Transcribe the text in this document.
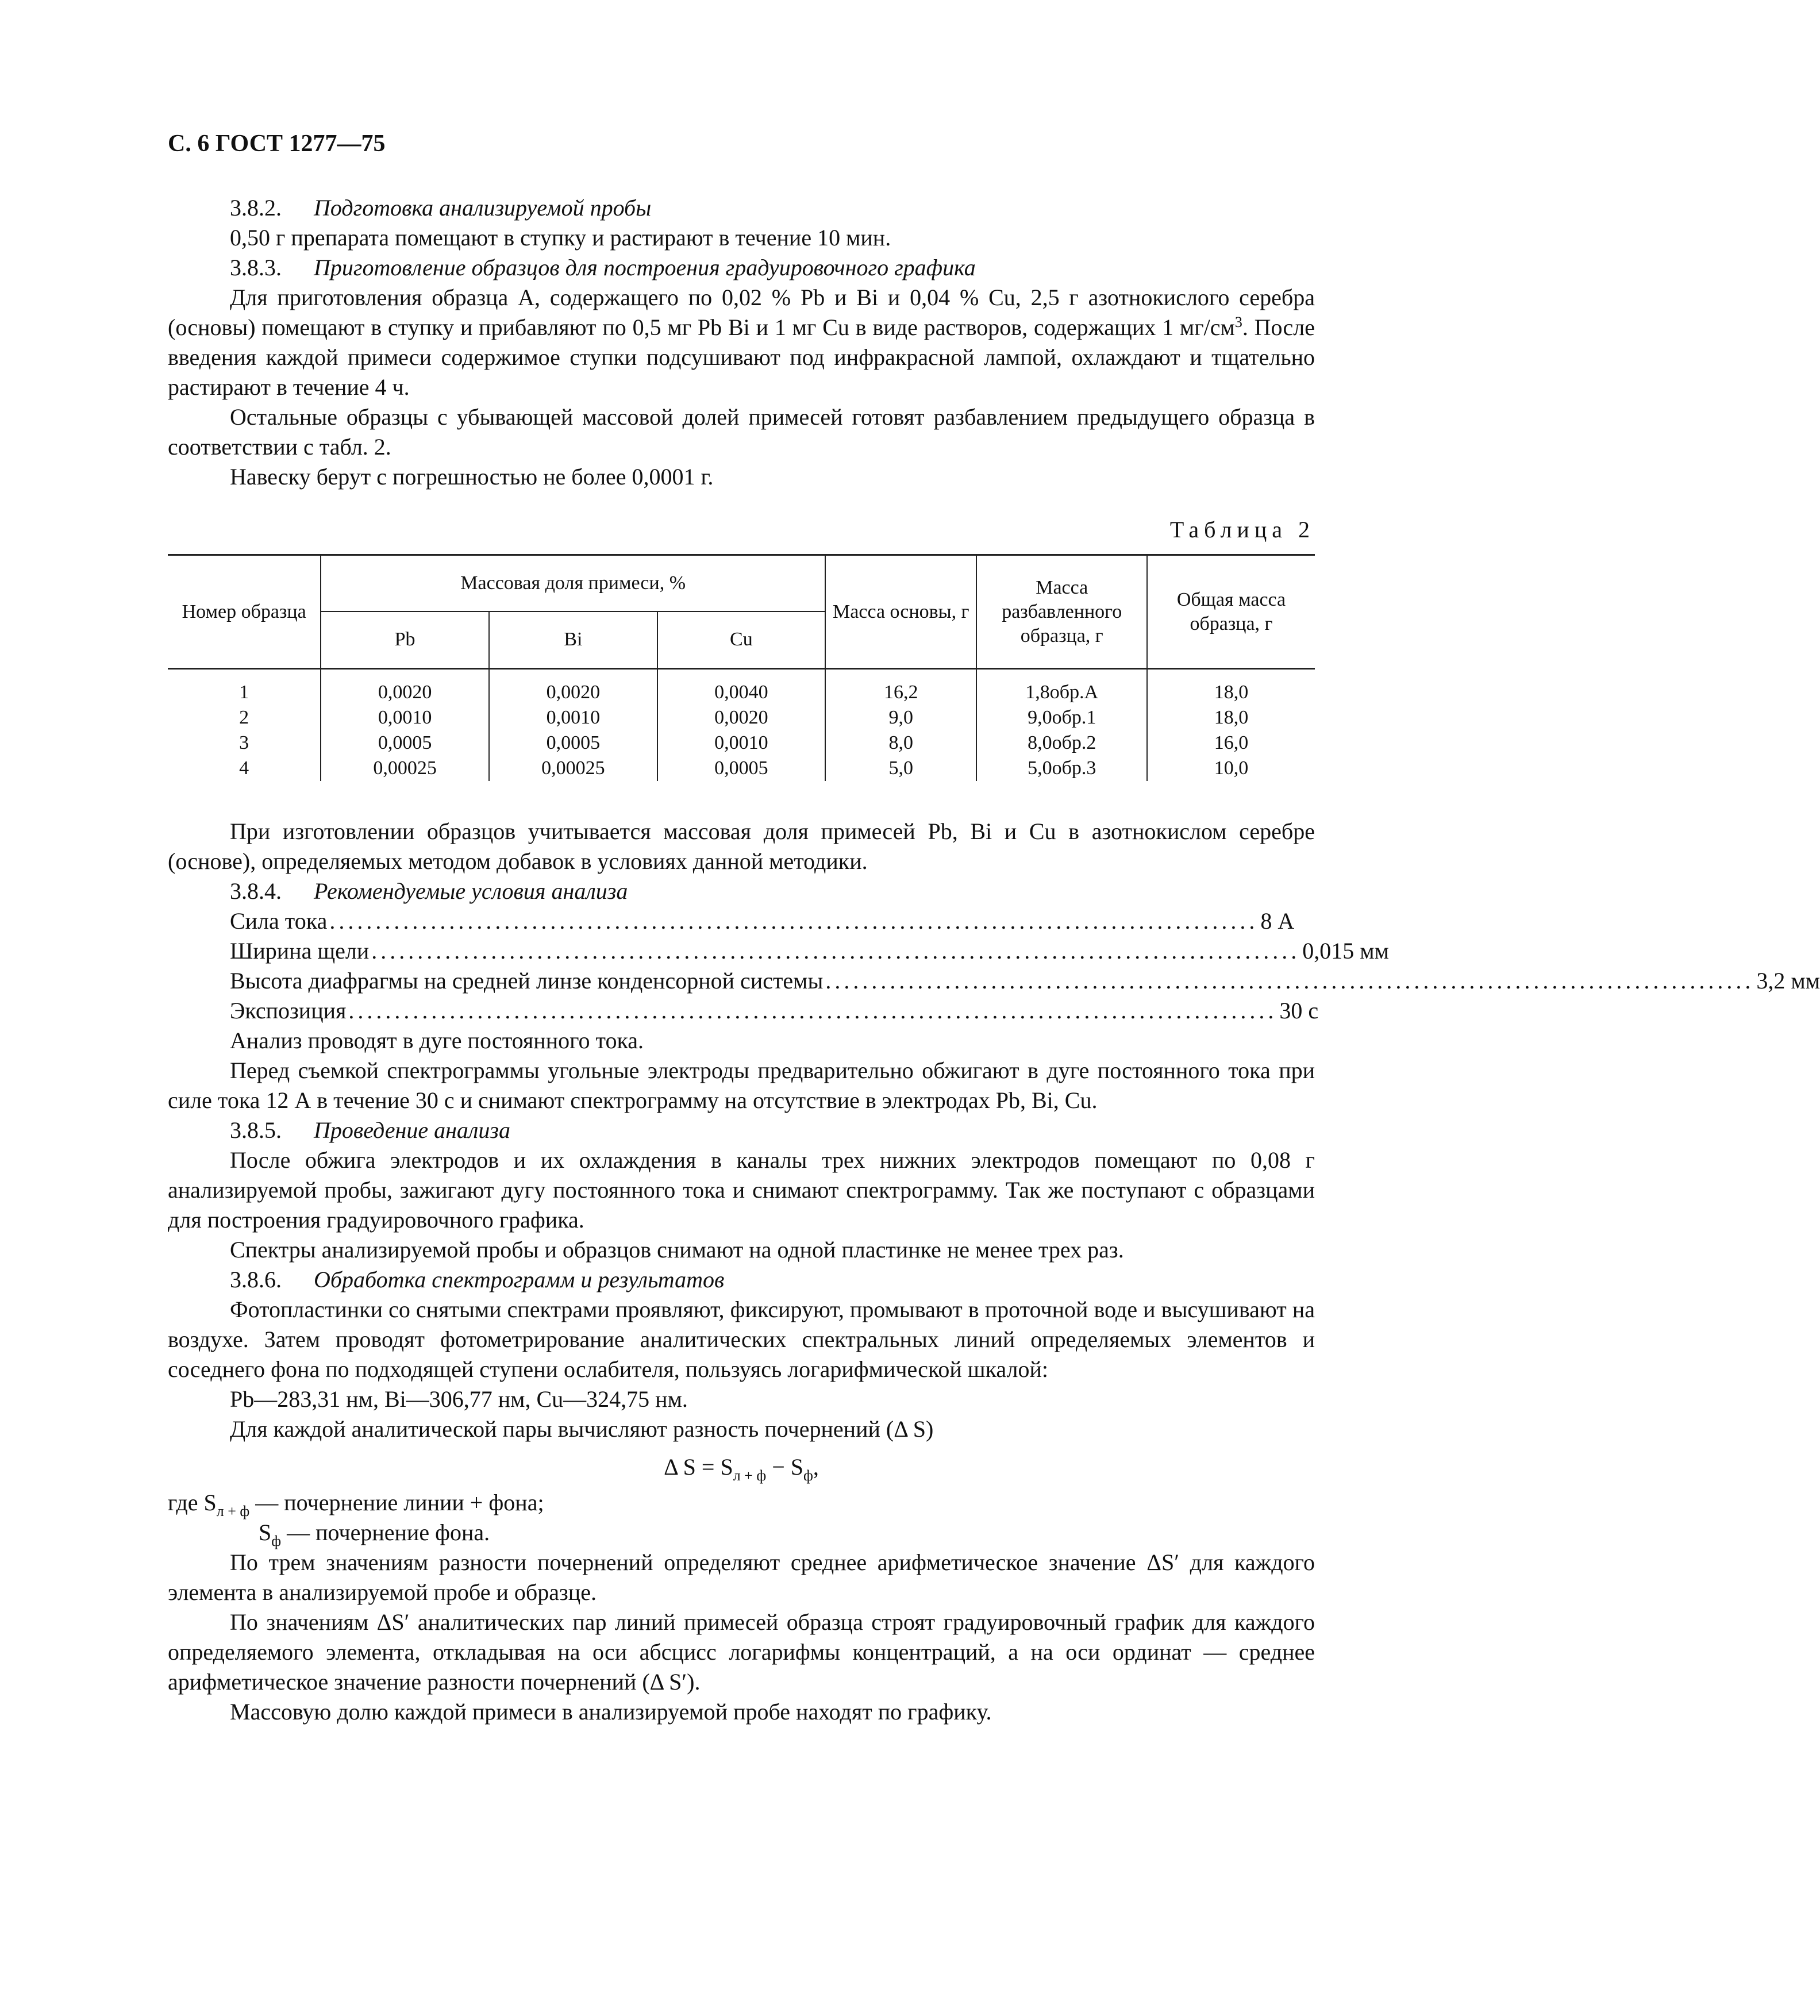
С. 6 ГОСТ 1277—75

3.8.2. Подготовка анализируемой пробы

0,50 г препарата помещают в ступку и растирают в течение 10 мин.

3.8.3. Приготовление образцов для построения градуировочного графика

Для приготовления образца А, содержащего по 0,02 % Pb и Bi и 0,04 % Cu, 2,5 г азотнокислого серебра (основы) помещают в ступку и прибавляют по 0,5 мг Pb Bi и 1 мг Cu в виде растворов, содержащих 1 $мг/см^3$. После введения каждой примеси содержимое ступки подсушивают под инфракрасной лампой, охлаждают и тщательно растирают в течение 4 ч.

Остальные образцы с убывающей массовой долей примесей готовят разбавлением предыдущего образца в соответствии с табл. 2.

Навеску берут с погрешностью не более 0,0001 г.

Таблица 2
Номер образца	Массовая доля примеси, %			Масса основы, г	Масса разбавленного образца, г	Общая масса образца, г
	Pb	Bi	Cu			
1	0,0020	0,0020	0,0040	16,2	1,8обр.А	18,0
2	0,0010	0,0010	0,0020	9,0	9,0обр.1	18,0
3	0,0005	0,0005	0,0010	8,0	8,0обр.2	16,0
4	0,00025	0,00025	0,0005	5,0	5,0обр.3	10,0

При изготовлении образцов учитывается массовая доля примесей Pb, Bi и Cu в азотнокислом серебре (основе), определяемых методом добавок в условиях данной методики.

3.8.4. Рекомендуемые условия анализа

Сила тока ..................................................................................................... 8 А
Ширина щели ..................................................................................................... 0,015 мм
Высота диафрагмы на средней линзе конденсорной системы ..................................................................................................... 3,2 мм
Экспозиция ..................................................................................................... 30 с

Анализ проводят в дуге постоянного тока.

Перед съемкой спектрограммы угольные электроды предварительно обжигают в дуге постоянного тока при силе тока 12 А в течение 30 с и снимают спектрограмму на отсутствие в электродах Pb, Bi, Cu.

3.8.5. Проведение анализа

После обжига электродов и их охлаждения в каналы трех нижних электродов помещают по 0,08 г анализируемой пробы, зажигают дугу постоянного тока и снимают спектрограмму. Так же поступают с образцами для построения градуировочного графика.

Спектры анализируемой пробы и образцов снимают на одной пластинке не менее трех раз.

3.8.6. Обработка спектрограмм и результатов

Фотопластинки со снятыми спектрами проявляют, фиксируют, промывают в проточной воде и высушивают на воздухе. Затем проводят фотометрирование аналитических спектральных линий определяемых элементов и соседнего фона по подходящей ступени ослабителя, пользуясь логарифмической шкалой:

Pb—283,31 нм, Bi—306,77 нм, Cu—324,75 нм.

Для каждой аналитической пары вычисляют разность почернений (Δ S)

Δ $S = S_{л + ф} - S_ф$,

где $S_{л + ф}$ — почернение линии + фона;

$S_ф$ — почернение фона.

По трем значениям разности почернений определяют среднее арифметическое значение ΔS′ для каждого элемента в анализируемой пробе и образце.

По значениям ΔS′ аналитических пар линий примесей образца строят градуировочный график для каждого определяемого элемента, откладывая на оси абсцисс логарифмы концентраций, а на оси ординат — среднее арифметическое значение разности почернений (Δ S′).

Массовую долю каждой примеси в анализируемой пробе находят по графику.
